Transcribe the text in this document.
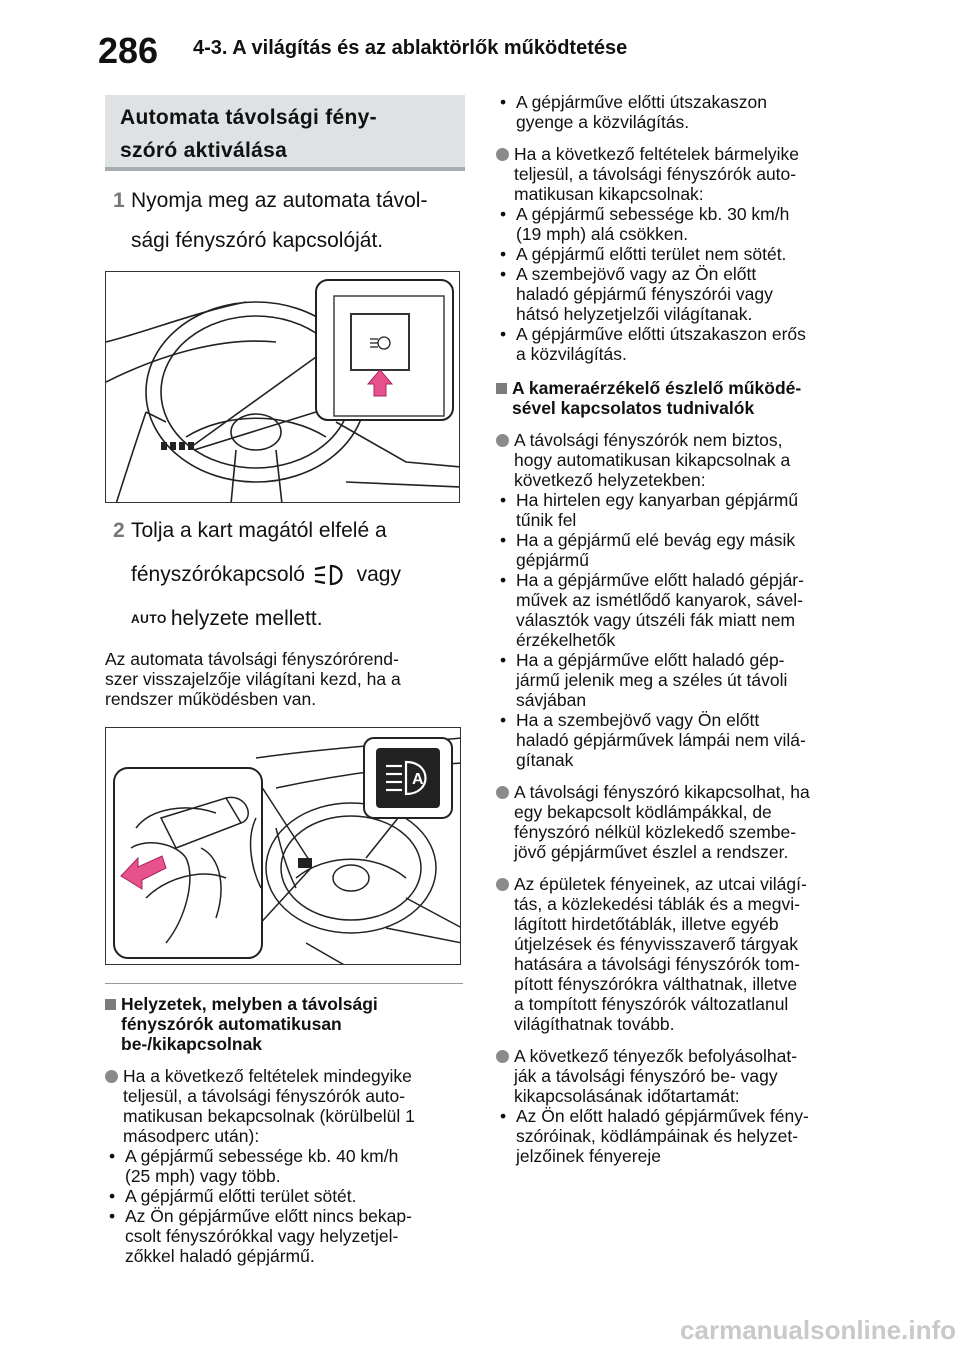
286 4-3. A világítás és az ablaktörlők működtetése
Automata távolsági fény-
szóró aktiválása
1 Nyomja meg az automata távol-
sági fényszóró kapcsolóját.
2 Tolja a kart magától elfelé a
fényszórókapcsoló vagy
AUTO helyzete mellett.
Az automata távolsági fényszórórend-
szer visszajelzője világítani kezd, ha a
rendszer működésben van.
A
Helyzetek, melyben a távolsági
fényszórók automatikusan
be-/kikapcsolnak
Ha a következő feltételek mindegyike
teljesül, a távolsági fényszórók auto-
matikusan bekapcsolnak (körülbelül 1
másodperc után):
• A gépjármű sebessége kb. 40 km/h
(25 mph) vagy több.
• A gépjármű előtti terület sötét.
• Az Ön gépjárműve előtt nincs bekap-
csolt fényszórókkal vagy helyzetjel-
zőkkel haladó gépjármű.
• A gépjárműve előtti útszakaszon
gyenge a közvilágítás.
Ha a következő feltételek bármelyike
teljesül, a távolsági fényszórók auto-
matikusan kikapcsolnak:
• A gépjármű sebessége kb. 30 km/h
(19 mph) alá csökken.
• A gépjármű előtti terület nem sötét.
• A szembejövő vagy az Ön előtt
haladó gépjármű fényszórói vagy
hátsó helyzetjelzői világítanak.
• A gépjárműve előtti útszakaszon erős
a közvilágítás.
A kameraérzékelő észlelő működé-
sével kapcsolatos tudnivalók
A távolsági fényszórók nem biztos,
hogy automatikusan kikapcsolnak a
következő helyzetekben:
• Ha hirtelen egy kanyarban gépjármű
tűnik fel
• Ha a gépjármű elé bevág egy másik
gépjármű
• Ha a gépjárműve előtt haladó gépjár-
művek az ismétlődő kanyarok, sável-
választók vagy útszéli fák miatt nem
érzékelhetők
• Ha a gépjárműve előtt haladó gép-
jármű jelenik meg a széles út távoli
sávjában
• Ha a szembejövő vagy Ön előtt
haladó gépjárművek lámpái nem vilá-
gítanak
A távolsági fényszóró kikapcsolhat, ha
egy bekapcsolt ködlámpákkal, de
fényszóró nélkül közlekedő szembe-
jövő gépjárművet észlel a rendszer.
Az épületek fényeinek, az utcai világí-
tás, a közlekedési táblák és a megvi-
lágított hirdetőtáblák, illetve egyéb
útjelzések és fényvisszaverő tárgyak
hatására a távolsági fényszórók tom-
pított fényszórókra válthatnak, illetve
a tompított fényszórók változatlanul
világíthatnak tovább.
A következő tényezők befolyásolhat-
ják a távolsági fényszóró be- vagy
kikapcsolásának időtartamát:
• Az Ön előtt haladó gépjárművek fény-
szóróinak, ködlámpáinak és helyzet-
jelzőinek fényereje
carmanualsonline.info
